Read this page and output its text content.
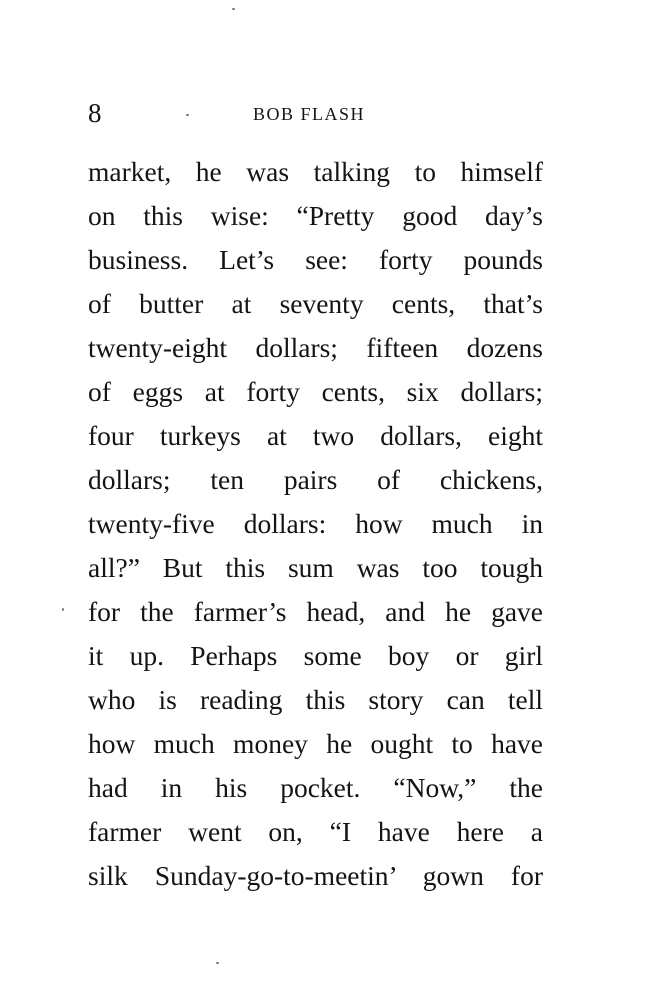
8	BOB FLASH
market, he was talking to himself
on this wise: “Pretty good day’s
business. Let’s see: forty pounds
of butter at seventy cents, that’s
twenty-eight dollars; fifteen dozens
of eggs at forty cents, six dollars;
four turkeys at two dollars, eight
dollars; ten pairs of chickens,
twenty-five dollars: how much in
all?” But this sum was too tough
for the farmer’s head, and he gave
it up. Perhaps some boy or girl
who is reading this story can tell
how much money he ought to have
had in his pocket. “Now,” the
farmer went on, “I have here a
silk Sunday-go-to-meetin’ gown for
